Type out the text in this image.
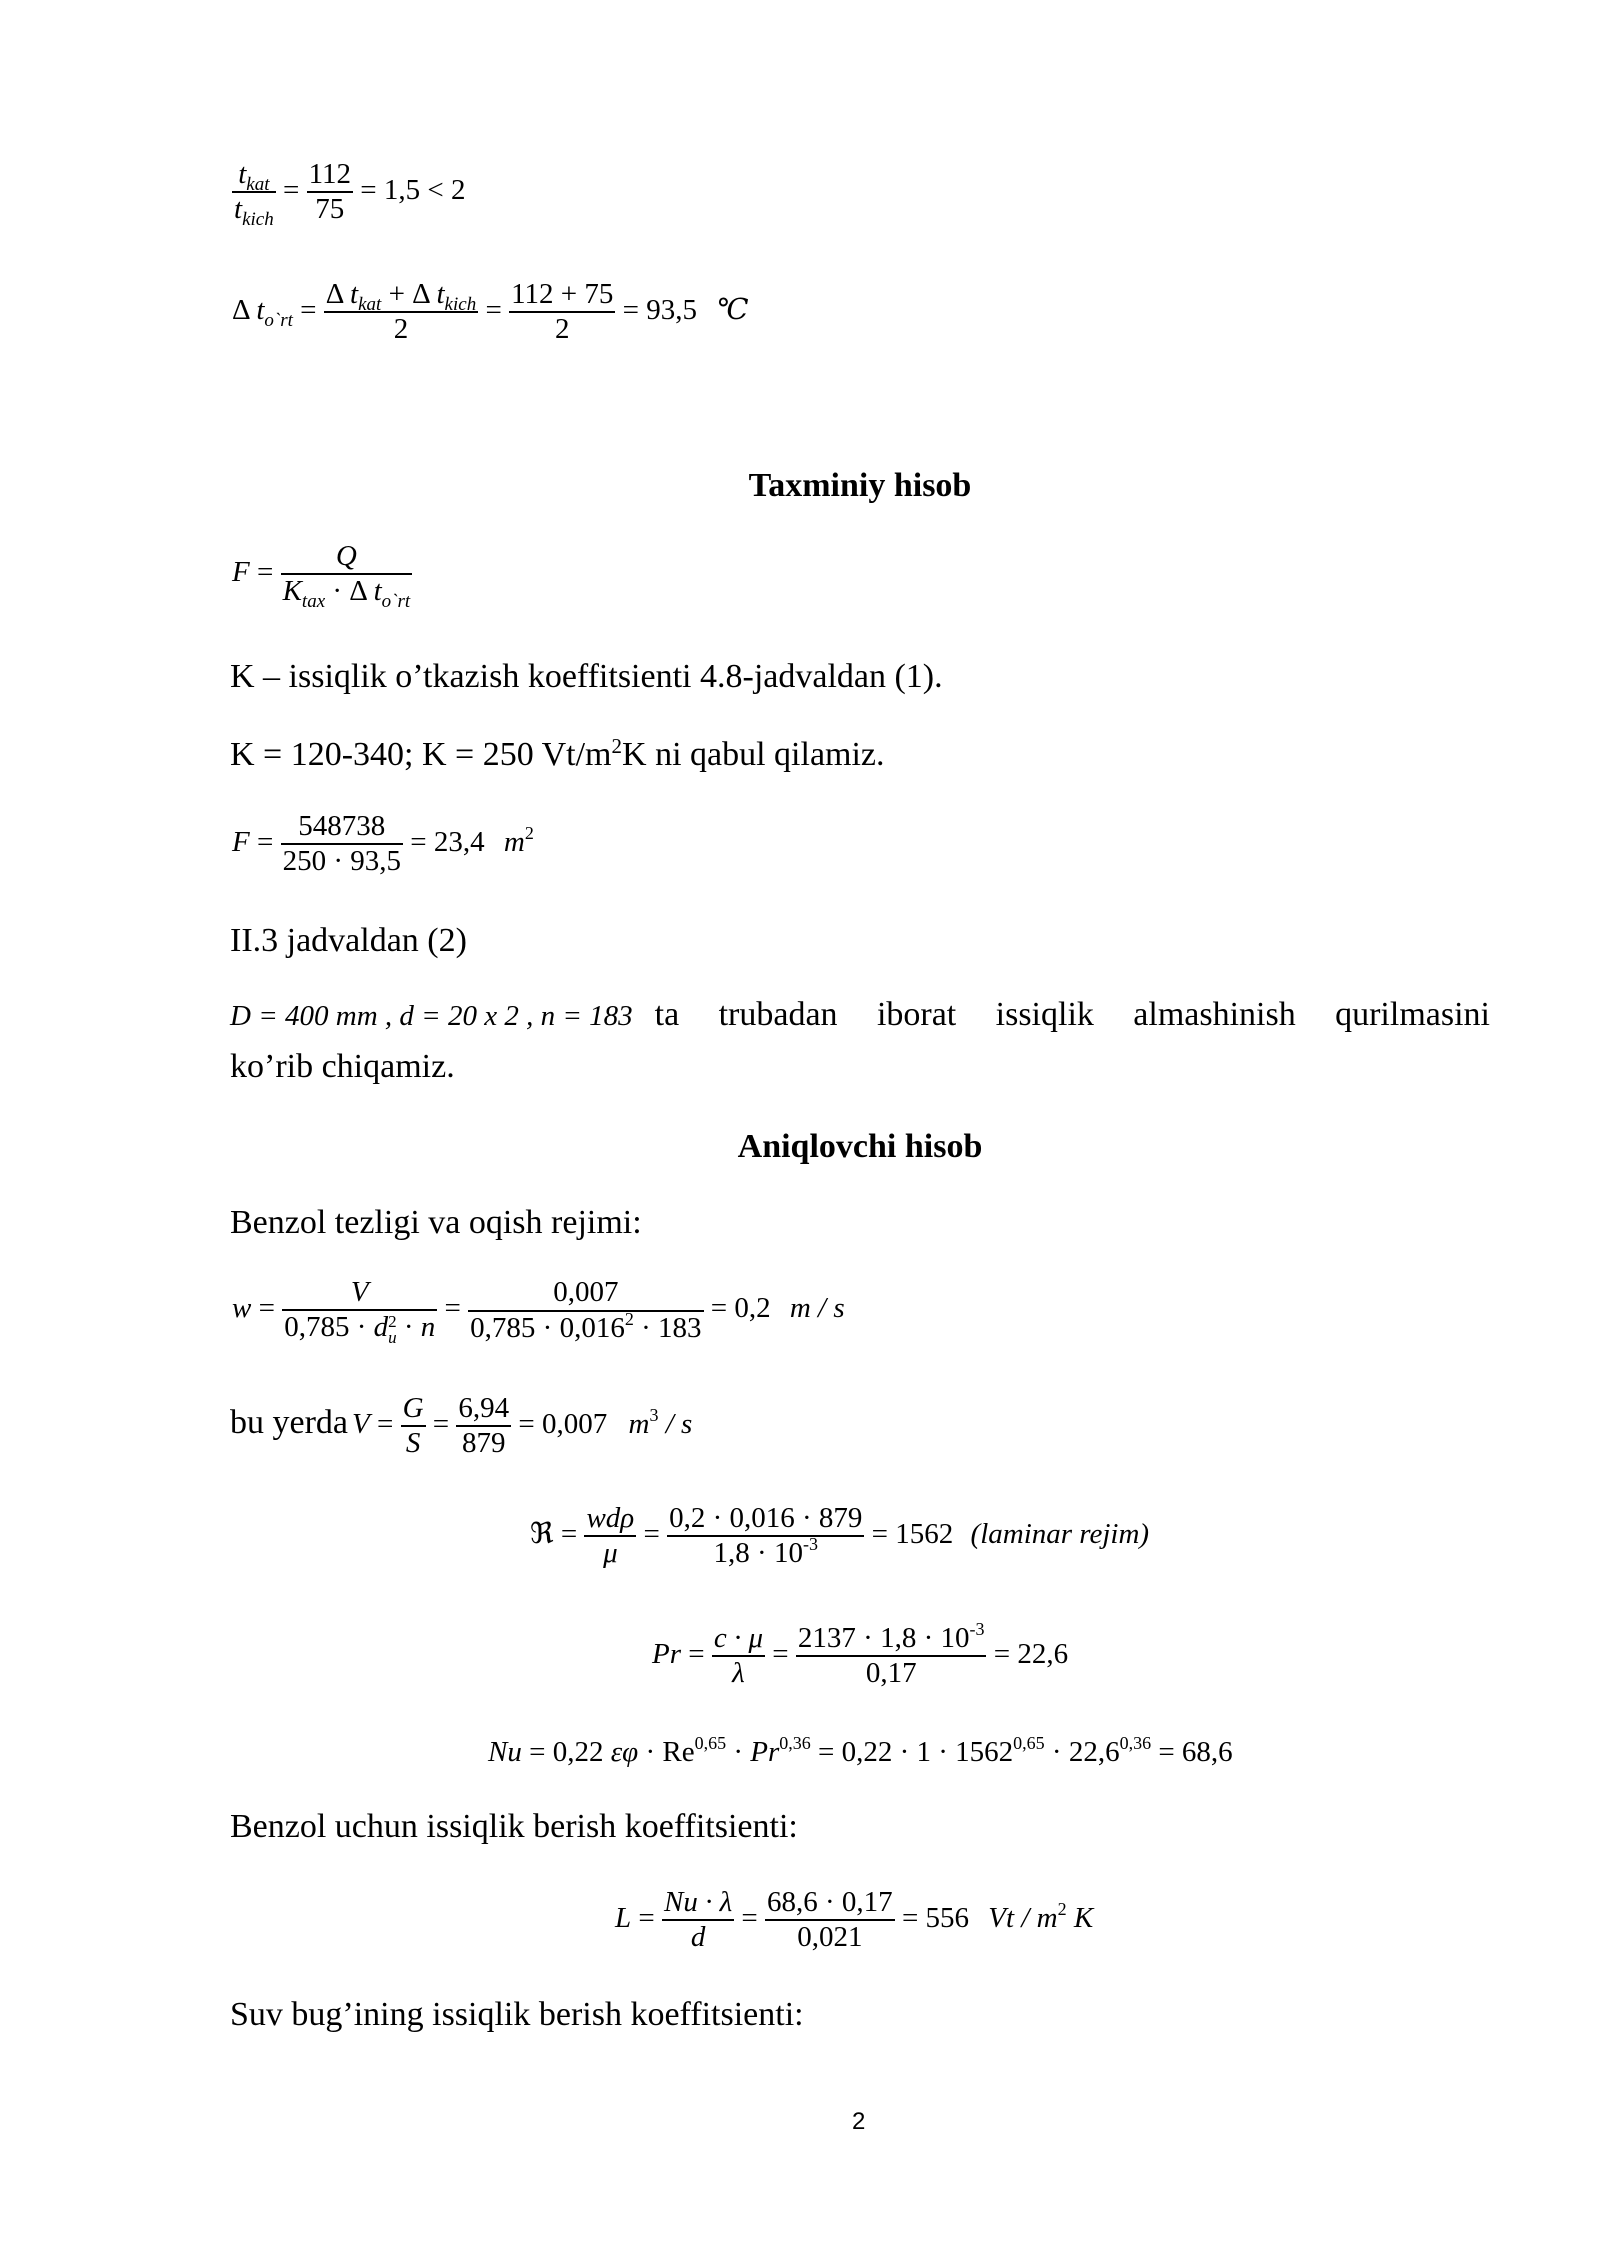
$\frac{t_{kat}}{t_{kich}} = \frac{112}{75} = 1,5 < 2$
Δ $t_{o`rt} = \frac{\Delta t_{kat} + \Delta t_{kich}}{2} = \frac{112 + 75}{2} = 93,5$ ℃
Taxminiy hisob
$F = \frac{Q}{K_{tax} \cdot \Delta t_{o`rt}}$
K – issiqlik o’tkazish koeffitsienti 4.8-jadvaldan (1).
K = 120-340; K = 250 $Vt/m^2K$ ni qabul qilamiz.
$F = \frac{548738}{250 \cdot 93,5} = 23,4$ $m^2$
II.3 jadvaldan (2)
D = 400 mm , d = 20 x 2 , n = 183 ta trubadan iborat issiqlik almashinish qurilmasini
ko’rib chiqamiz.
Aniqlovchi hisob
Benzol tezligi va oqish rejimi:
w = V
0,785 · d 2
$u \cdot n = \frac{0,007}{0,785 \cdot 0,016^2 \cdot 183} = 0,2$ m / s
bu yerda $V = \frac{G}{S} = \frac{6,94}{879} = 0,007$ $m^3$ / s
ℜ = $\frac{\text{wdρ}}{\mu} = \frac{0,2 \cdot 0,016 \cdot 879}{1,8 \cdot 10^{-3}} = 1562$ (laminar rejim)
$Pr = \frac{c \cdot \mu}{\lambda} = \frac{2137 \cdot 1,8 \cdot 10^{-3}}{0,17} = 22,6$
Nu = 0,22 $\varepsilon\varphi \cdot Re^{0,65} \cdot Pr^{0,36} = 0,22 \cdot 1 \cdot 1562^{0,65} \cdot 22,6^{0,36} = 68,6$
Benzol uchun issiqlik berish koeffitsienti:
$L = \frac{Nu \cdot \lambda}{d} = \frac{68,6 \cdot 0,17}{0,021} = 556$ Vt / $m^2$ K
Suv bug’ining issiqlik berish koeffitsienti:
2
